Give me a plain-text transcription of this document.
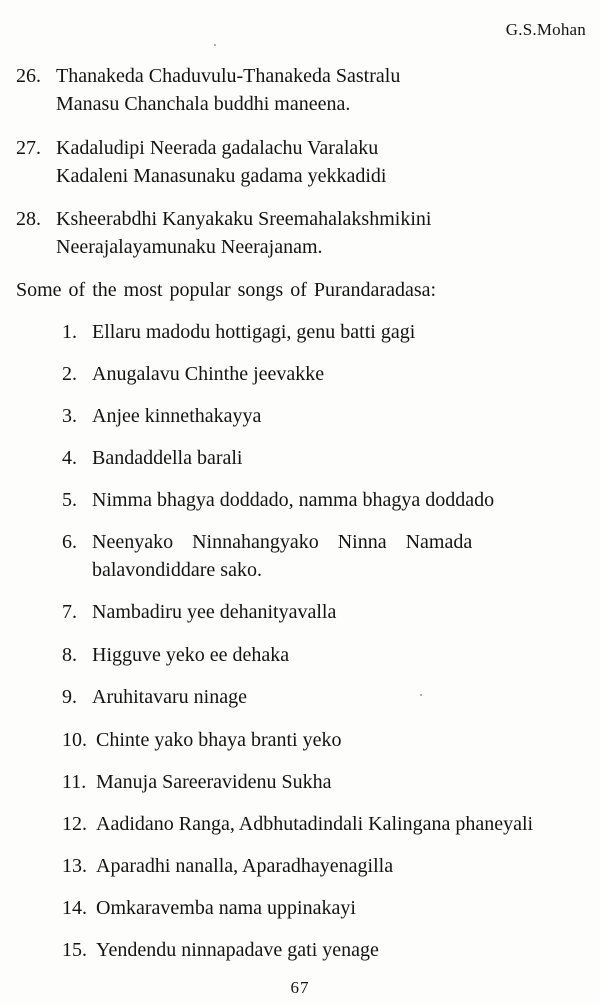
G.S.Mohan
26. Thanakeda Chaduvulu-Thanakeda Sastralu
Manasu Chanchala buddhi maneena.
27. Kadaludipi Neerada gadalachu Varalaku
Kadaleni Manasunaku gadama yekkadidi
28. Ksheerabdhi Kanyakaku Sreemahalakshmikini
Neerajalayamunaku Neerajanam.
Some of the most popular songs of Purandaradasa:
1. Ellaru madodu hottigagi, genu batti gagi
2. Anugalavu Chinthe jeevakke
3. Anjee kinnethakayya
4. Bandaddella barali
5. Nimma bhagya doddado, namma bhagya doddado
6. Neenyako Ninnahangyako Ninna Namada
balavondiddare sako.
7. Nambadiru yee dehanityavalla
8. Higguve yeko ee dehaka
9. Aruhitavaru ninage
10. Chinte yako bhaya branti yeko
11. Manuja Sareeravidenu Sukha
12. Aadidano Ranga, Adbhutadindali Kalingana phaneyali
13. Aparadhi nanalla, Aparadhayenagilla
14. Omkaravemba nama uppinakayi
15. Yendendu ninnapadave gati yenage
67
